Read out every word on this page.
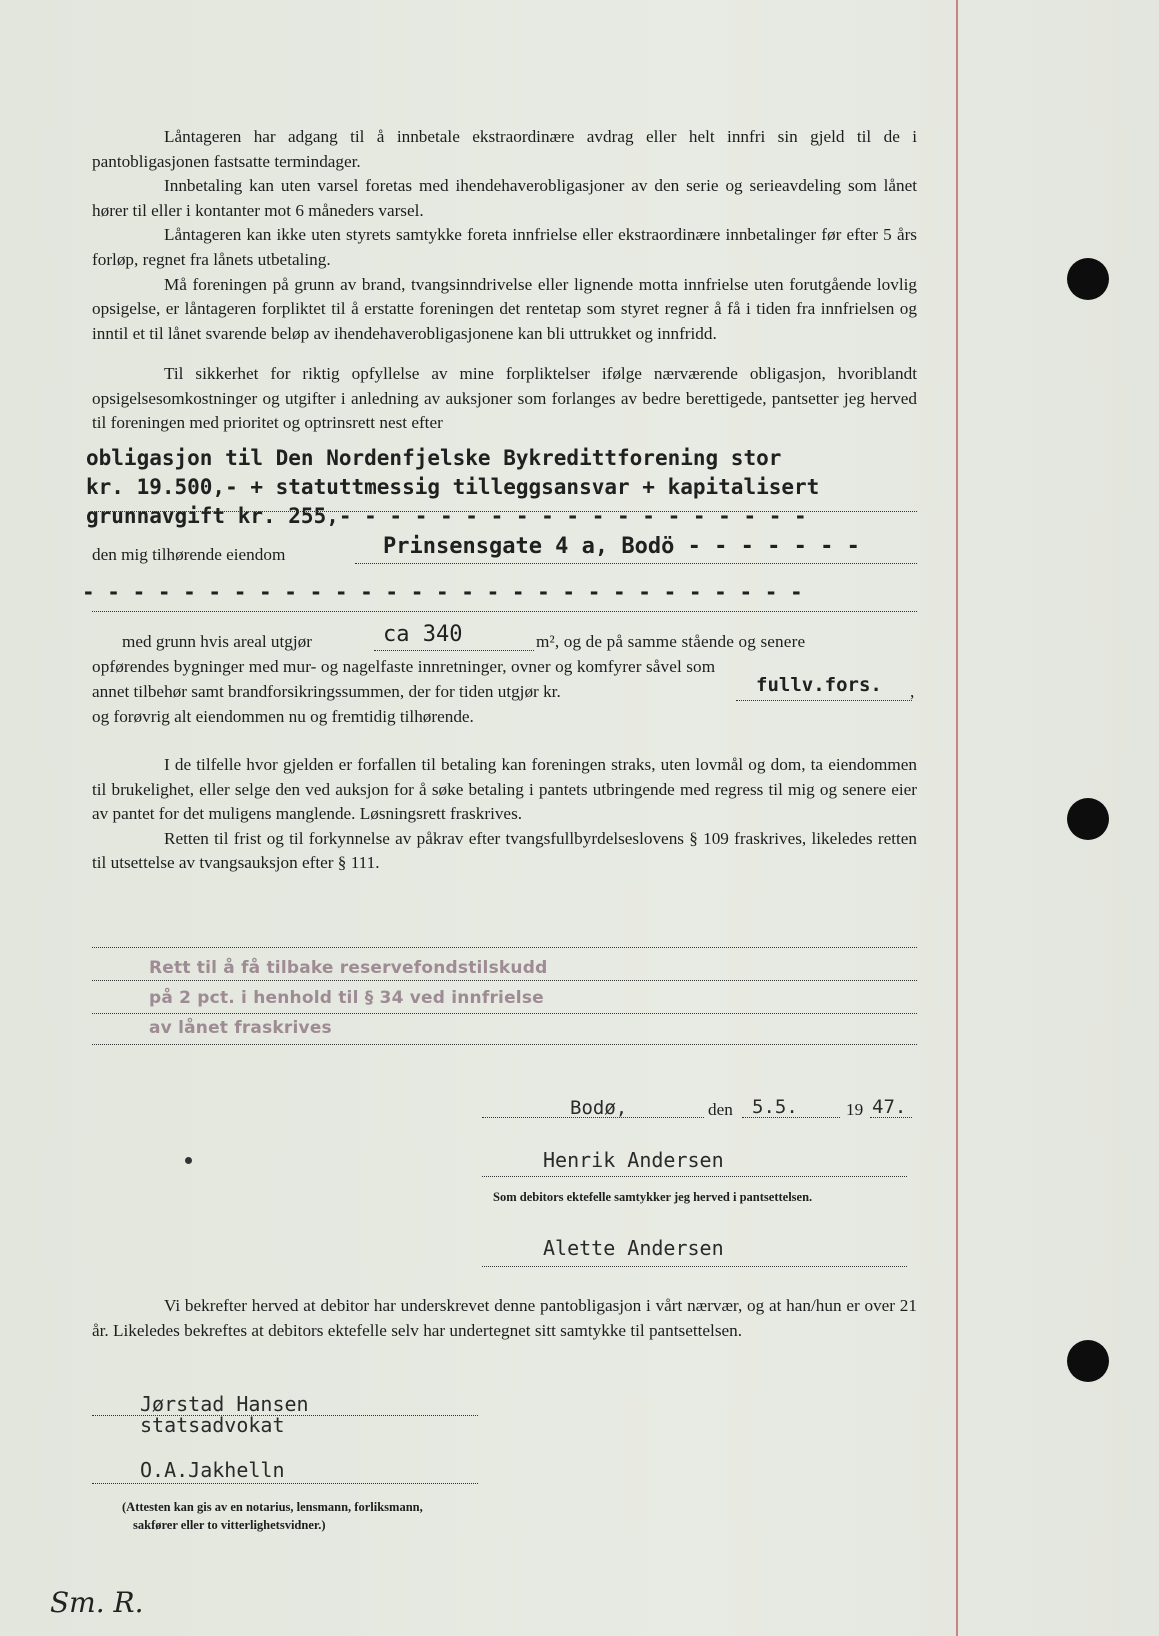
Låntageren har adgang til å innbetale ekstraordinære avdrag eller helt innfri sin gjeld til de i pantobligasjonen fastsatte termindager.
Innbetaling kan uten varsel foretas med ihendehaverobligasjoner av den serie og serieavdeling som lånet hører til eller i kontanter mot 6 måneders varsel.
Låntageren kan ikke uten styrets samtykke foreta innfrielse eller ekstraordinære innbetalinger før efter 5 års forløp, regnet fra lånets utbetaling.
Må foreningen på grunn av brand, tvangsinndrivelse eller lignende motta innfrielse uten forutgående lovlig opsigelse, er låntageren forpliktet til å erstatte foreningen det rentetap som styret regner å få i tiden fra innfrielsen og inntil et til lånet svarende beløp av ihendehaverobligasjonene kan bli uttrukket og innfridd.
Til sikkerhet for riktig opfyllelse av mine forpliktelser ifølge nærværende obligasjon, hvoriblandt opsigelsesomkostninger og utgifter i anledning av auksjoner som forlanges av bedre berettigede, pantsetter jeg herved til foreningen med prioritet og optrinsrett nest efter
obligasjon til Den Nordenfjelske Bykredittforening stor
kr. 19.500,- + statuttmessig tilleggsansvar + kapitalisert
grunnavgift kr. 255,- - - - - - - - - - - - - - - - - - -
den mig tilhørende eiendom	Prinsensgate 4 a, Bodö - - - - - - -
- - - - - - - - - - - - - - - - - - - - - - - - - - - - -
med grunn hvis areal utgjør	ca 340	m², og de på samme stående og senere
opførendes bygninger med mur- og nagelfaste innretninger, ovner og komfyrer såvel som
annet tilbehør samt brandforsikringssummen, der for tiden utgjør kr.	fullv.fors. ,
og forøvrig alt eiendommen nu og fremtidig tilhørende.
I de tilfelle hvor gjelden er forfallen til betaling kan foreningen straks, uten lovmål og dom, ta eiendommen til brukelighet, eller selge den ved auksjon for å søke betaling i pantets utbringende med regress til mig og senere eier av pantet for det muligens manglende. Løsningsrett fraskrives.
Retten til frist og til forkynnelse av påkrav efter tvangsfullbyrdelseslovens § 109 fraskrives, likeledes retten til utsettelse av tvangsauksjon efter § 111.
Rett til å få tilbake reservefondstilskudd
på 2 pct. i henhold til § 34 ved innfrielse
av lånet fraskrives
Bodø,	den 5.5.	19 47.
Henrik Andersen
Som debitors ektefelle samtykker jeg herved i pantsettelsen.
Alette Andersen
Vi bekrefter herved at debitor har underskrevet denne pantobligasjon i vårt nærvær, og at han/hun er over 21 år. Likeledes bekreftes at debitors ektefelle selv har undertegnet sitt samtykke til pantsettelsen.
Jørstad Hansen
statsadvokat
O.A.Jakhelln
(Attesten kan gis av en notarius, lensmann, forliksmann,
sakfører eller to vitterlighetsvidner.)
Sm. R.
